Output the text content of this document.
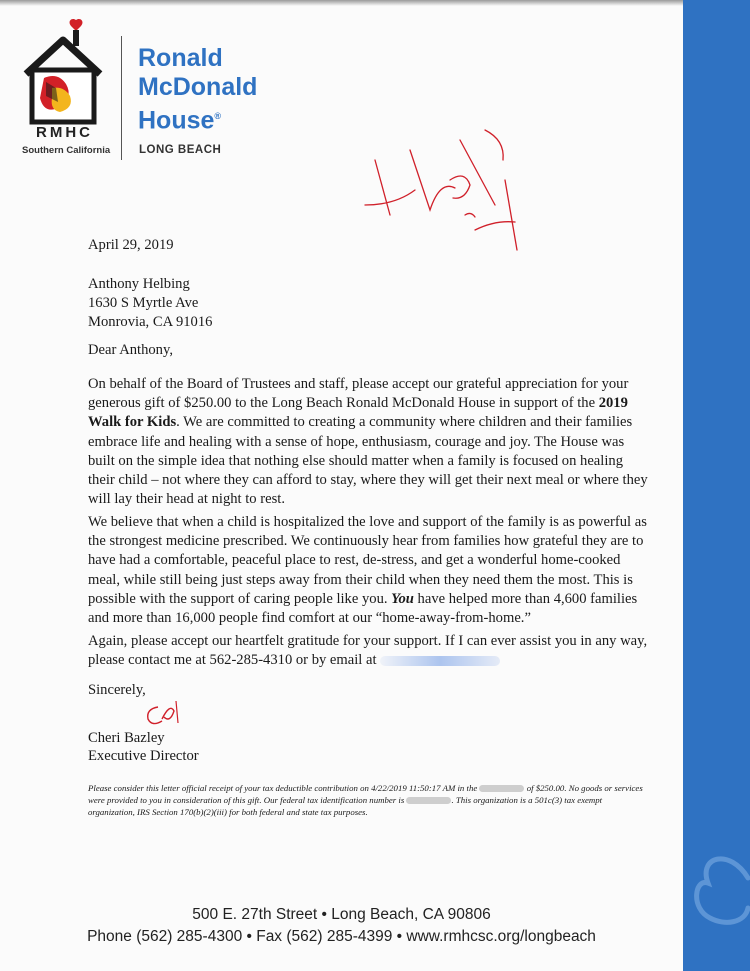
RMHC
Southern California
Ronald
McDonald
House®
LONG BEACH
April 29, 2019
Anthony Helbing
1630 S Myrtle Ave
Monrovia, CA 91016
Dear Anthony,
On behalf of the Board of Trustees and staff, please accept our grateful appreciation for your generous gift of $250.00 to the Long Beach Ronald McDonald House in support of the 2019 Walk for Kids. We are committed to creating a community where children and their families embrace life and healing with a sense of hope, enthusiasm, courage and joy. The House was built on the simple idea that nothing else should matter when a family is focused on healing their child – not where they can afford to stay, where they will get their next meal or where they will lay their head at night to rest.
We believe that when a child is hospitalized the love and support of the family is as powerful as the strongest medicine prescribed. We continuously hear from families how grateful they are to have had a comfortable, peaceful place to rest, de-stress, and get a wonderful home-cooked meal, while still being just steps away from their child when they need them the most. This is possible with the support of caring people like you. You have helped more than 4,600 families and more than 16,000 people find comfort at our “home-away-from-home.”
Again, please accept our heartfelt gratitude for your support. If I can ever assist you in any way, please contact me at 562-285-4310 or by email at
Sincerely,
Cheri Bazley
Executive Director
Please consider this letter official receipt of your tax deductible contribution on 4/22/2019 11:50:17 AM in the	of $250.00. No goods or services were provided to you in consideration of this gift. Our federal tax identification number is	. This organization is a 501c(3) tax exempt organization, IRS Section 170(b)(2)(iii) for both federal and state tax purposes.
500 E. 27th Street • Long Beach, CA 90806
Phone (562) 285-4300 • Fax (562) 285-4399 • www.rmhcsc.org/longbeach
